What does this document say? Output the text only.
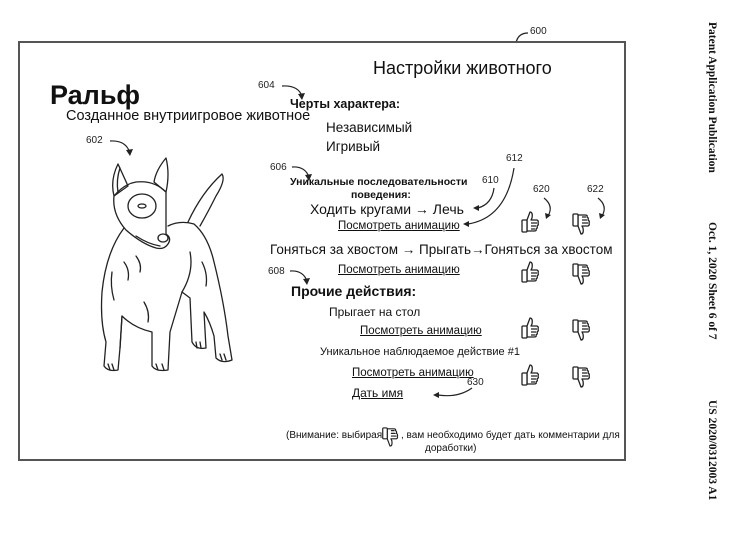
Patent Application Publication
Oct. 1, 2020 Sheet 6 of 7
US 2020/0312003 A1
600
Настройки животного
Ральф
Созданное внутриигровое животное
602
604
Черты характера:
Независимый
Игривый
606
Уникальные последовательности
поведения:
610
612
Ходить кругами → Лечь
Посмотреть анимацию
Гоняться за хвостом → Прыгать→Гоняться за хвостом
Посмотреть анимацию
620	622
608
Прочие действия:
Прыгает на стол
Посмотреть анимацию
Уникальное наблюдаемое действие #1
Посмотреть анимацию
Дать имя
630
(Внимание: выбирая , вам необходимо будет дать комментарии для
доработки)
